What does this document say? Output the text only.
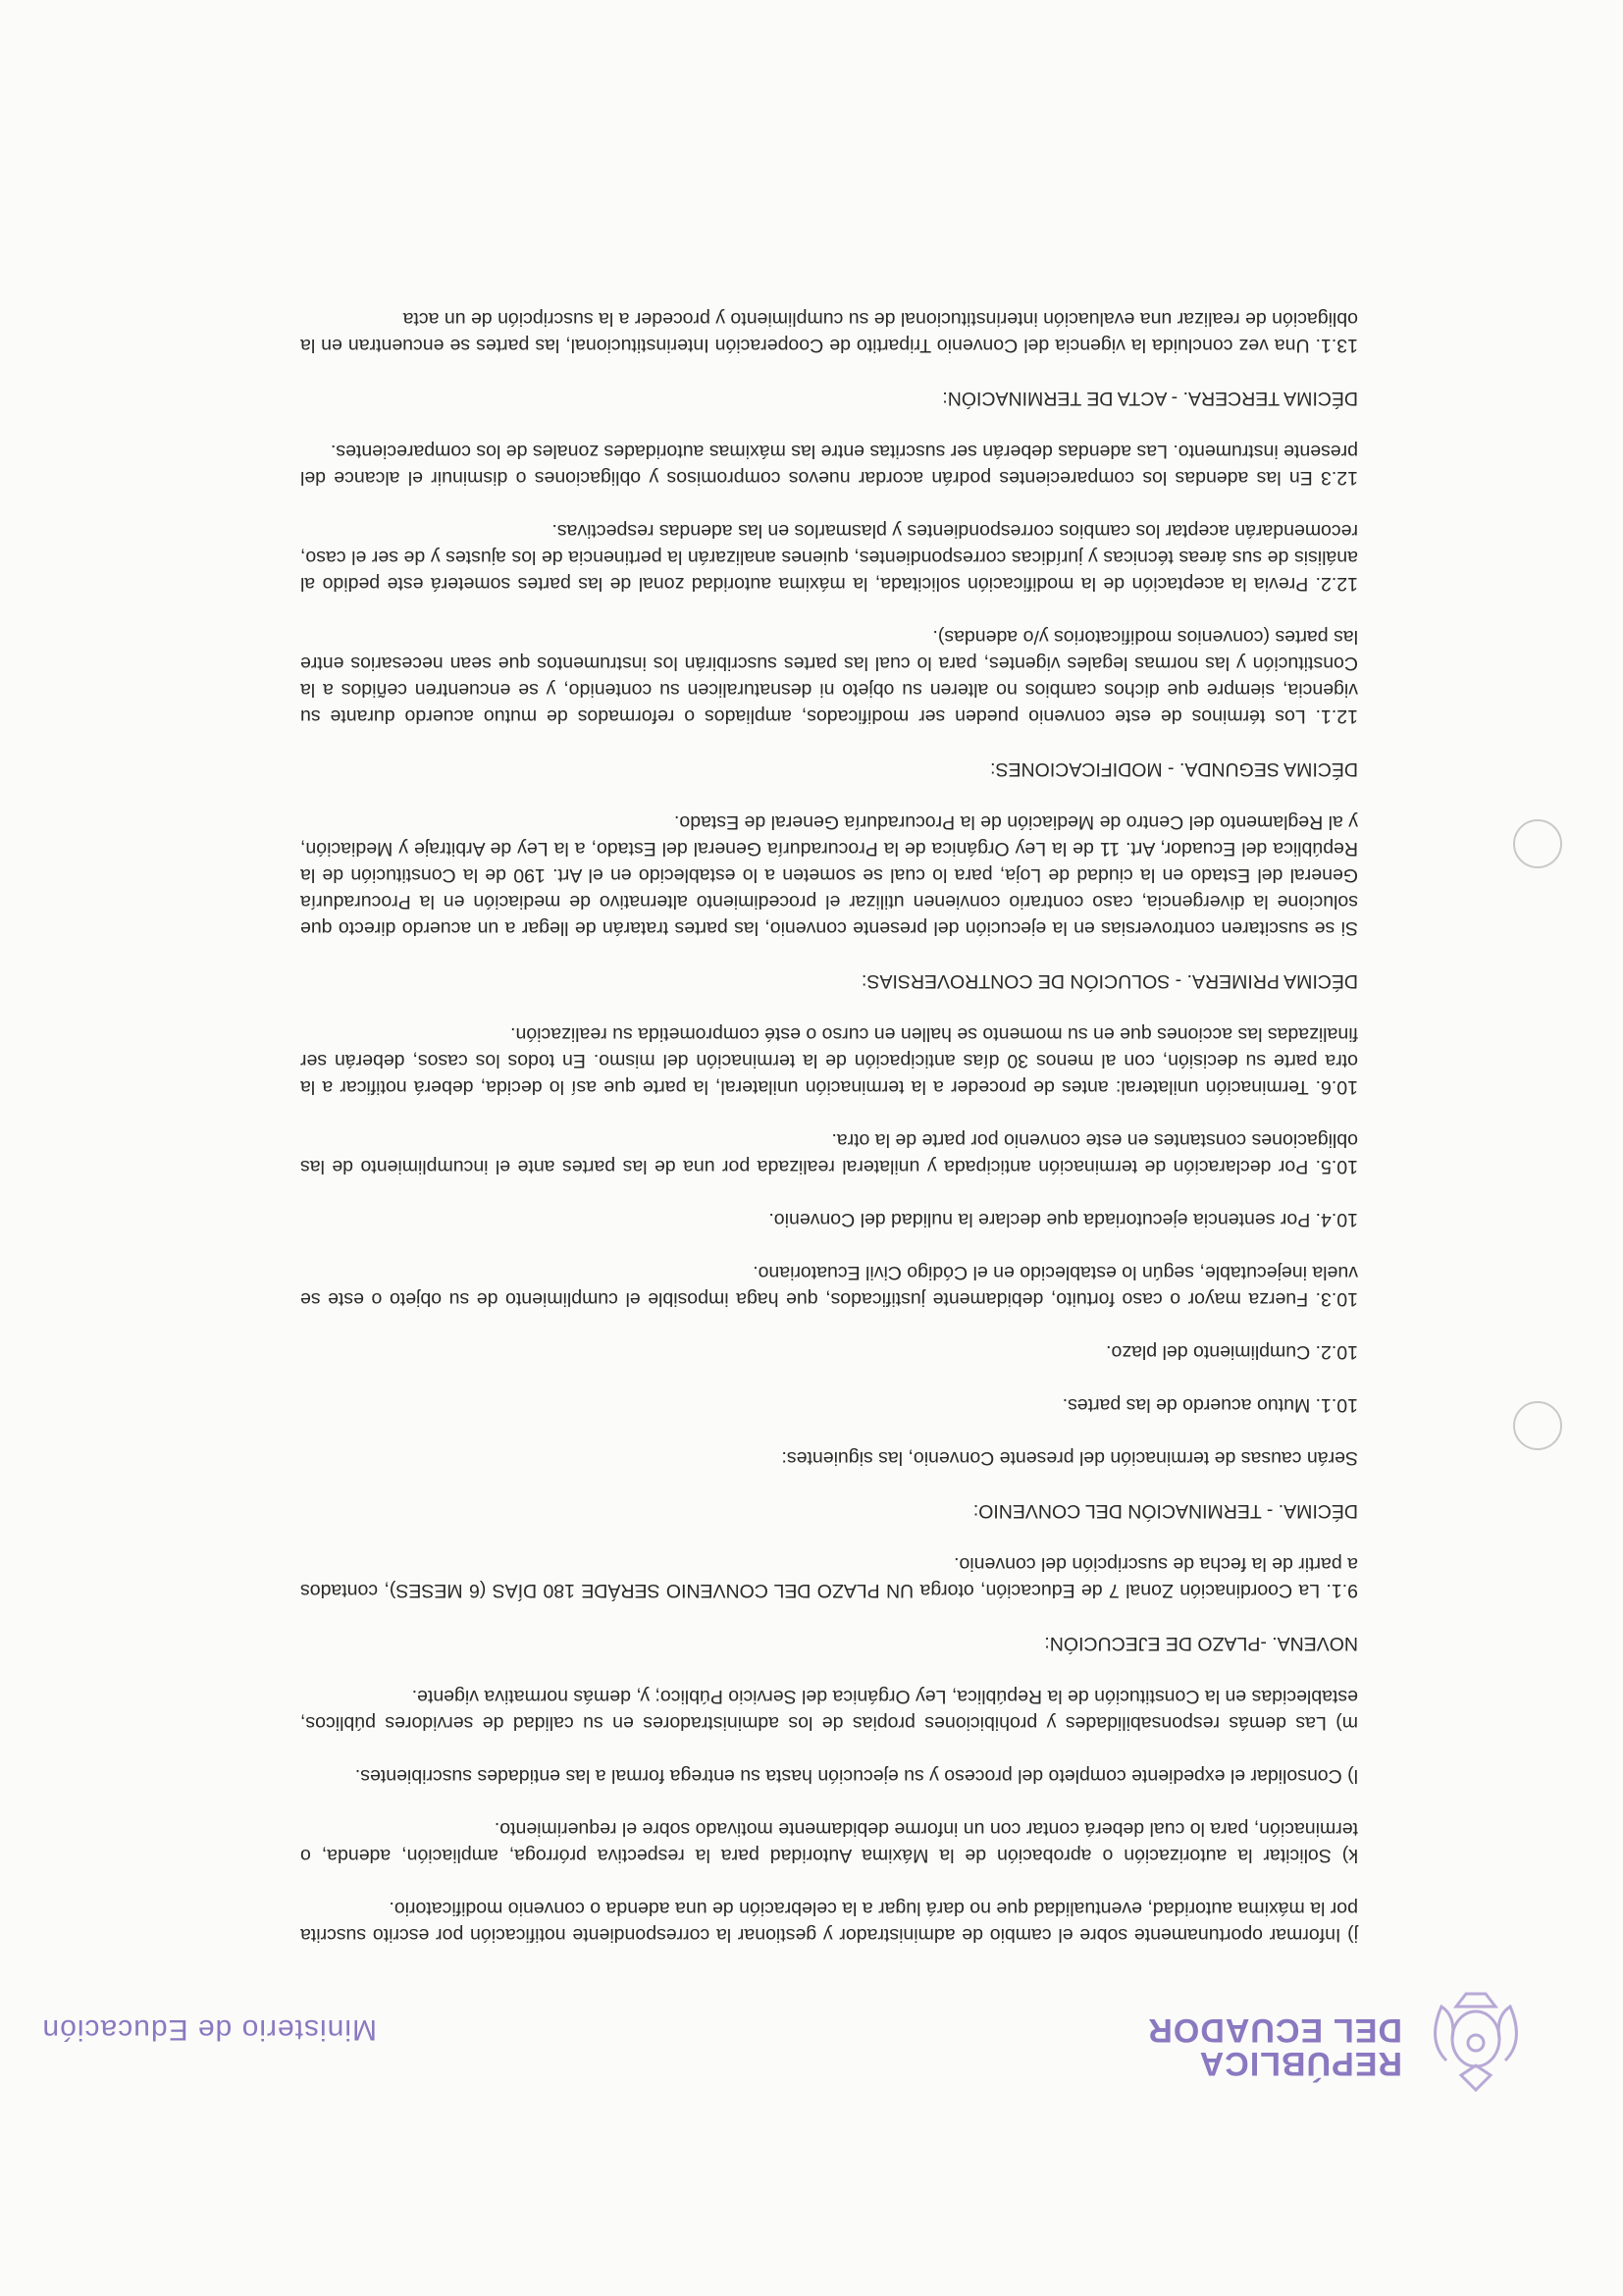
REPÚBLICA
DEL ECUADOR
Ministerio de Educación

j) Informar oportunamente sobre el cambio de administrador y gestionar la correspondiente notificación por escrito suscrita por la máxima autoridad, eventualidad que no dará lugar a la celebración de una adenda o convenio modificatorio.

k) Solicitar la autorización o aprobación de la Máxima Autoridad para la respectiva prórroga, ampliación, adenda, o terminación, para lo cual deberá contar con un informe debidamente motivado sobre el requerimiento.

l) Consolidar el expediente completo del proceso y su ejecución hasta su entrega formal a las entidades suscribientes.

m) Las demás responsabilidades y prohibiciones propias de los administradores en su calidad de servidores públicos, establecidas en la Constitución de la República, Ley Orgánica del Servicio Público; y, demás normativa vigente.

NOVENA. -PLAZO DE EJECUCIÓN:

9.1. La Coordinación Zonal 7 de Educación, otorga UN PLAZO DEL CONVENIO SERÁDE 180 DÍAS (6 MESES), contados a partir de la fecha de suscripción del convenio.

DÉCIMA. - TERMINACIÓN DEL CONVENIO:

Serán causas de terminación del presente Convenio, las siguientes:

10.1. Mutuo acuerdo de las partes.

10.2. Cumplimiento del plazo.

10.3. Fuerza mayor o caso fortuito, debidamente justificados, que haga imposible el cumplimiento de su objeto o este se vuela inejecutable, según lo establecido en el Código Civil Ecuatoriano.

10.4. Por sentencia ejecutoriada que declare la nulidad del Convenio.

10.5. Por declaración de terminación anticipada y unilateral realizada por una de las partes ante el incumplimiento de las obligaciones constantes en este convenio por parte de la otra.

10.6. Terminación unilateral: antes de proceder a la terminación unilateral, la parte que así lo decida, deberá notificar a la otra parte su decisión, con al menos 30 días anticipación de la terminación del mismo. En todos los casos, deberán ser finalizadas las acciones que en su momento se hallen en curso o esté comprometida su realización.

DÉCIMA PRIMERA. - SOLUCIÓN DE CONTROVERSIAS:

Si se suscitaren controversias en la ejecución del presente convenio, las partes tratarán de llegar a un acuerdo directo que solucione la divergencia, caso contrario convienen utilizar el procedimiento alternativo de mediación en la Procuraduría General del Estado en la ciudad de Loja, para lo cual se someten a lo establecido en el Art. 190 de la Constitución de la República del Ecuador, Art. 11 de la Ley Orgánica de la Procuraduría General del Estado, a la Ley de Arbitraje y Mediación, y al Reglamento del Centro de Mediación de la Procuraduría General de Estado.

DÉCIMA SEGUNDA. - MODIFICACIONES:

12.1. Los términos de este convenio pueden ser modificados, ampliados o reformados de mutuo acuerdo durante su vigencia, siempre que dichos cambios no alteren su objeto ni desnaturalicen su contenido, y se encuentren ceñidos a la Constitución y las normas legales vigentes, para lo cual las partes suscribirán los instrumentos que sean necesarios entre las partes (convenios modificatorios y/o adendas).

12.2. Previa la aceptación de la modificación solicitada, la máxima autoridad zonal de las partes someterá este pedido al análisis de sus áreas técnicas y jurídicas correspondientes, quienes analizarán la pertinencia de los ajustes y de ser el caso, recomendarán aceptar los cambios correspondientes y plasmarlos en las adendas respectivas.

12.3 En las adendas los comparecientes podrán acordar nuevos compromisos y obligaciones o disminuir el alcance del presente instrumento. Las adendas deberán ser suscritas entre las máximas autoridades zonales de los comparecientes.

DÉCIMA TERCERA. - ACTA DE TERMINACIÓN:

13.1. Una vez concluida la vigencia del Convenio Tripartito de Cooperación Interinstitucional, las partes se encuentran en la obligación de realizar una evaluación interinstitucional de su cumplimiento y proceder a la suscripción de un acta
